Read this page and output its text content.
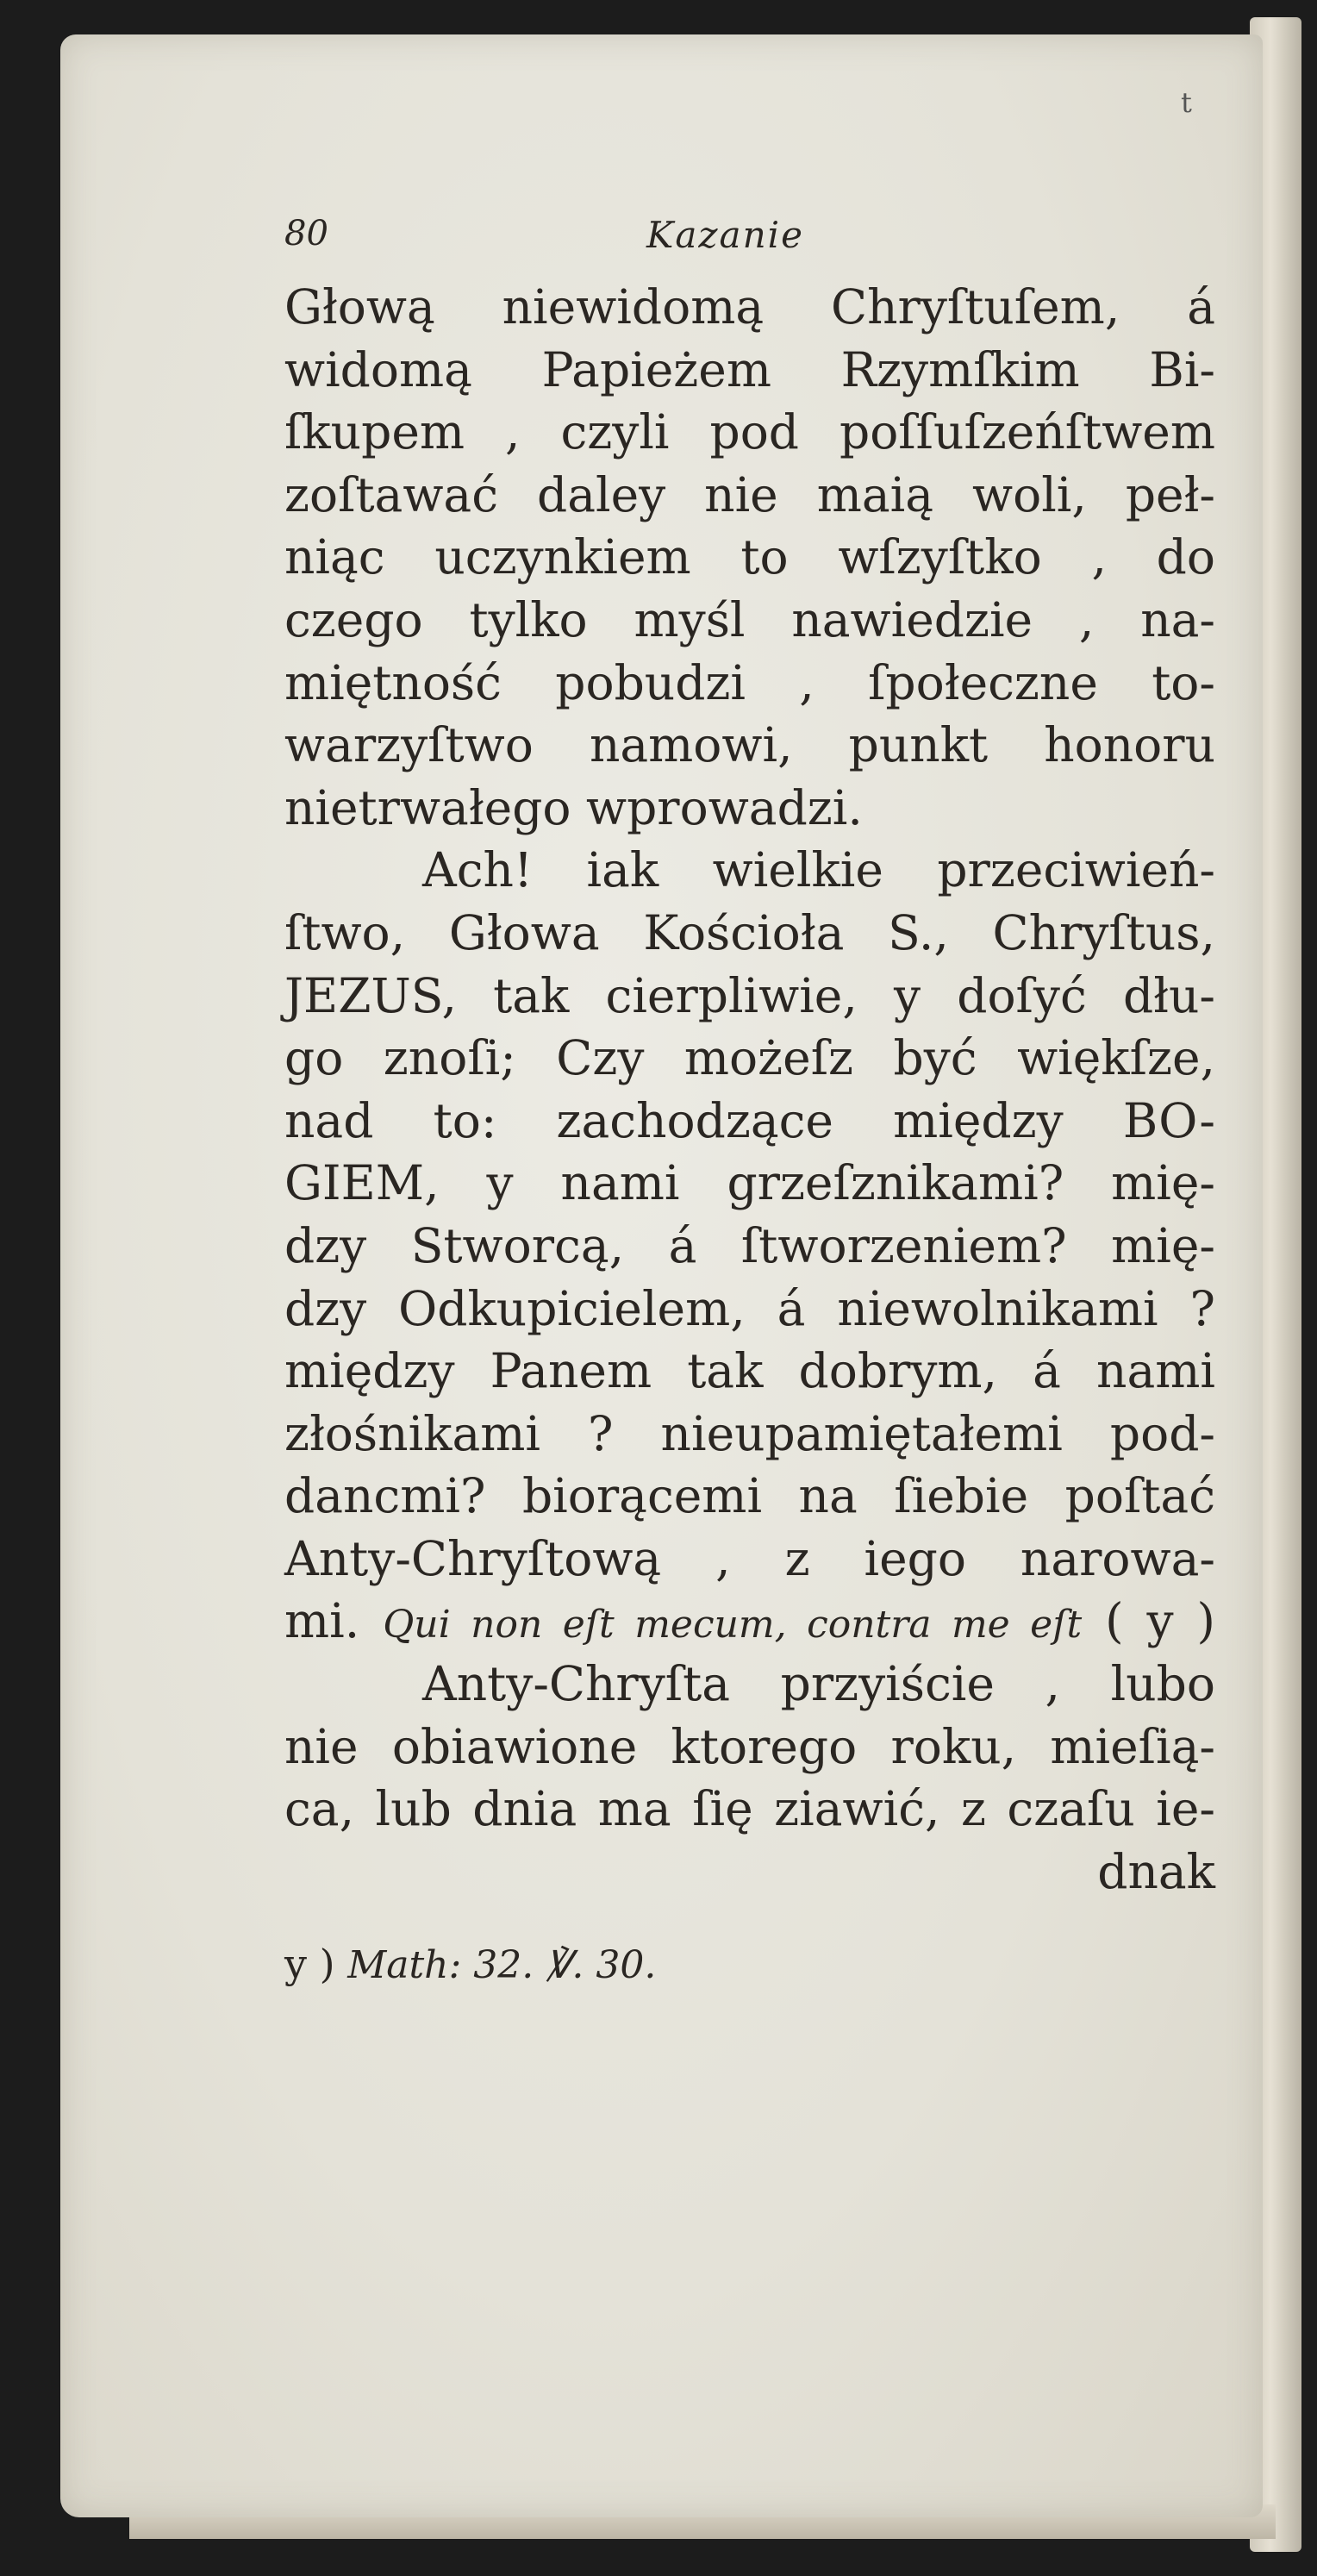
t
80	Kazanie
Głową niewidomą Chryſtuſem, á
widomą Papieżem Rzymſkim Bi-
ſkupem , czyli pod poſſuſzeńſtwem
zoſtawać daley nie maią woli, peł-
niąc uczynkiem to wſzyſtko , do
czego tylko myśl nawiedzie , na-
miętność pobudzi , ſpołeczne to-
warzyſtwo namowi, punkt honoru
nietrwałego wprowadzi.
Ach! iak wielkie przeciwień-
ſtwo, Głowa Kościoła S., Chryſtus,
JEZUS, tak cierpliwie, y doſyć dłu-
go znoſi; Czy możeſz być więkſze,
nad to: zachodzące między BO-
GIEM, y nami grzeſznikami? mię-
dzy Stworcą, á ſtworzeniem? mię-
dzy Odkupicielem, á niewolnikami ?
między Panem tak dobrym, á nami
złośnikami ? nieupamiętałemi pod-
dancmi? biorącemi na ſiebie poſtać
Anty-Chryſtową , z iego narowa-
mi. Qui non eſt mecum, contra me eſt ( y )
Anty-Chryſta przyiście , lubo
nie obiawione ktorego roku, mieſią-
ca, lub dnia ma ſię ziawić, z czaſu ie-
dnak
y ) Math: 32. ℣. 30.
